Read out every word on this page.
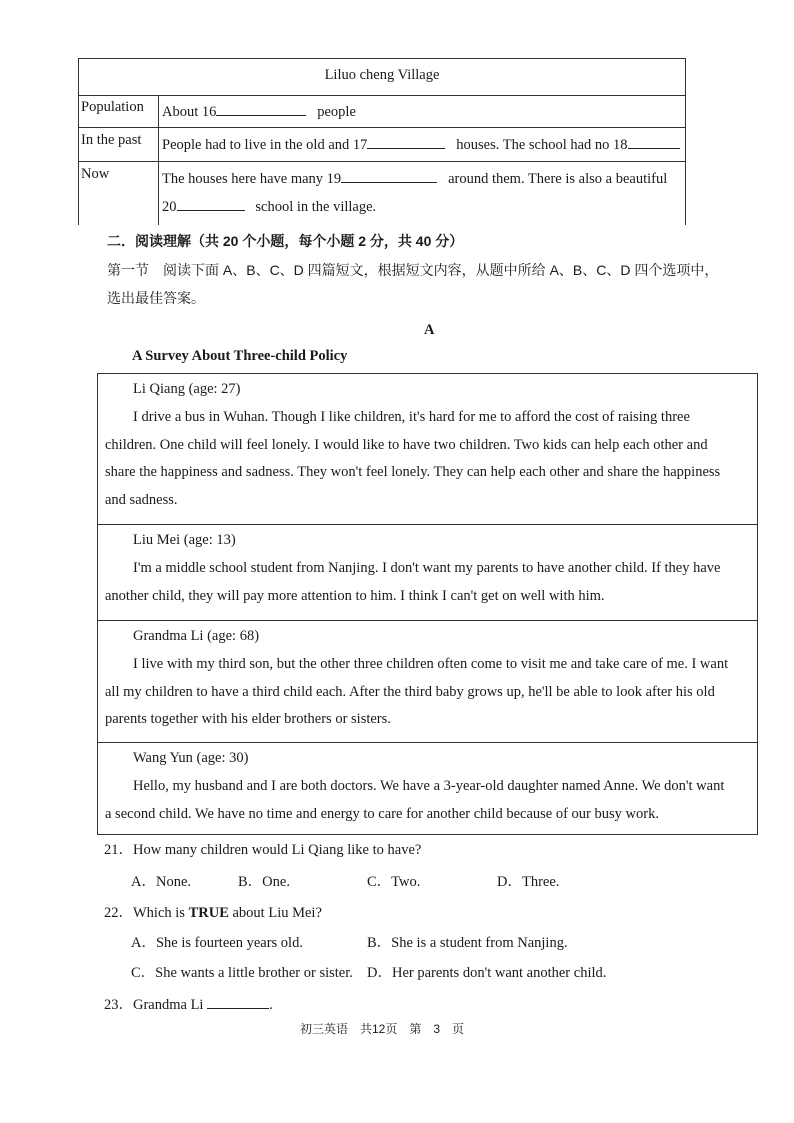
Liluo cheng Village
Population About 16	people
In the past People had to live in the old and 17	houses. The school had no 18
Now	The houses here have many 19	around them. There is also a beautiful
20	school in the village.
二．阅读理解（共 20 个小题，每个小题 2 分，共 40 分）
第一节　阅读下面 A、B、C、D 四篇短文，根据短文内容，从题中所给 A、B、C、D 四个选项中，
选出最佳答案。
A
A Survey About Three-child Policy
Li Qiang (age: 27)
I drive a bus in Wuhan. Though I like children, it's hard for me to afford the cost of raising three
children. One child will feel lonely. I would like to have two children. Two kids can help each other and
share the happiness and sadness. They won't feel lonely. They can help each other and share the happiness
and sadness.
Liu Mei (age: 13)
I'm a middle school student from Nanjing. I don't want my parents to have another child. If they have
another child, they will pay more attention to him. I think I can't get on well with him.
Grandma Li (age: 68)
I live with my third son, but the other three children often come to visit me and take care of me. I want
all my children to have a third child each. After the third baby grows up, he'll be able to look after his old
parents together with his elder brothers or sisters.
Wang Yun (age: 30)
Hello, my husband and I are both doctors. We have a 3-year-old daughter named Anne. We don't want
a second child. We have no time and energy to care for another child because of our busy work.
21．How many children would Li Qiang like to have?
A．None.	B．One.	C．Two.	D．Three.
22．Which is TRUE about Liu Mei?
A．She is fourteen years old.	B．She is a student from Nanjing.
C．She wants a little brother or sister. D．Her parents don't want another child.
23．Grandma Li	.
初三英语　共12页　第　3　页
